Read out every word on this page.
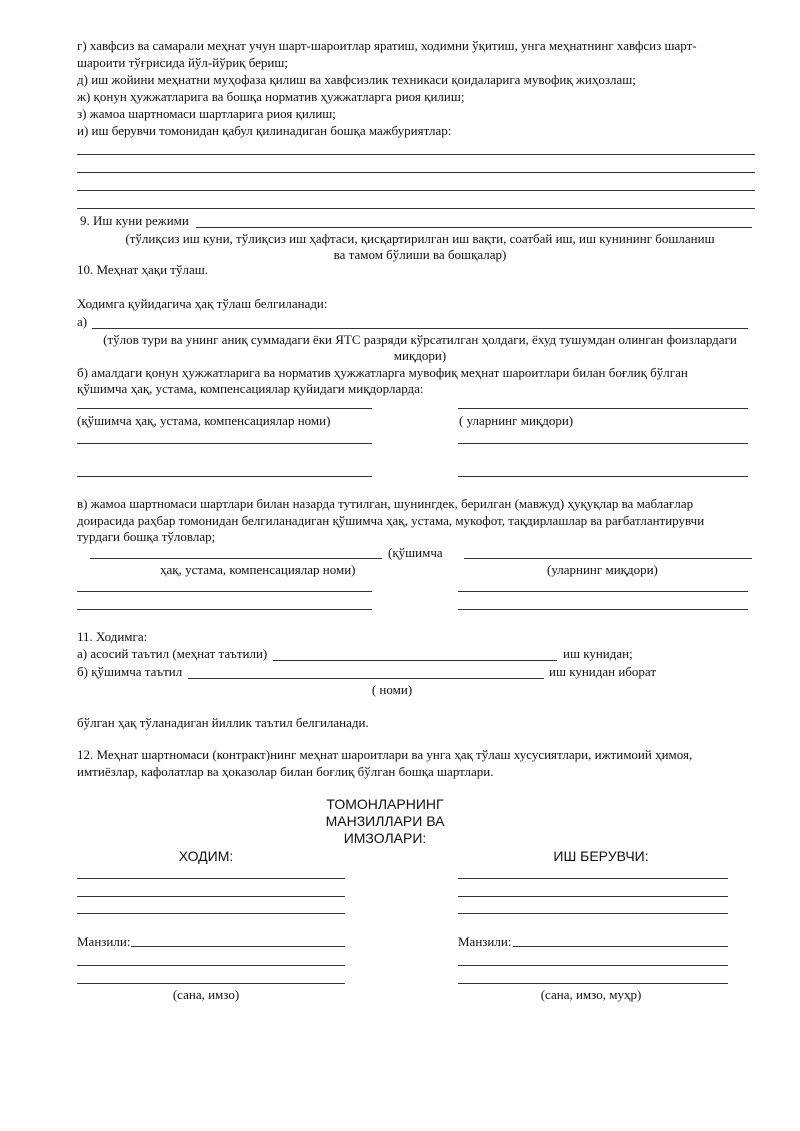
г) хавфсиз ва самарали меҳнат учун шарт-шароитлар яратиш, ходимни ўқитиш, унга меҳнатнинг хавфсиз шарт-
шароити тўғрисида йўл-йўриқ бериш;
д) иш жойини меҳнатни муҳофаза қилиш ва хавфсизлик техникаси қоидаларига мувофиқ жиҳозлаш;
ж) қонун ҳужжатларига ва бошқа норматив ҳужжатларга риоя қилиш;
з) жамоа шартномаси шартларига риоя қилиш;
и) иш берувчи томонидан қабул қилинадиган бошқа мажбуриятлар:
9. Иш куни режими
(тўлиқсиз иш куни, тўлиқсиз иш ҳафтаси, қисқартирилган иш вақти, соатбай иш, иш кунининг бошланиш
ва тамом бўлиши ва бошқалар)
10. Меҳнат ҳақи тўлаш.
Ходимга қуйидагича ҳақ тўлаш белгиланади:
а)
(тўлов тури ва унинг аниқ суммадаги ёки ЯТС разряди кўрсатилган ҳолдаги, ёхуд тушумдан олинган фоизлардаги
миқдори)
б) амалдаги қонун ҳужжатларига ва норматив ҳужжатларга мувофиқ меҳнат шароитлари билан боғлиқ бўлган
қўшимча ҳақ, устама, компенсациялар қуйидаги миқдорларда:
(қўшимча ҳақ, устама, компенсациялар номи)	( уларнинг миқдори)
в) жамоа шартномаси шартлари билан назарда тутилган, шунингдек, берилган (мавжуд) ҳуқуқлар ва маблағлар
доирасида раҳбар томонидан белгиланадиган қўшимча ҳақ, устама, мукофот, тақдирлашлар ва рағбатлантирувчи
турдаги бошқа тўловлар;
(қўшимча
ҳақ, устама, компенсациялар номи)	(уларнинг миқдори)
11. Ходимга:
а) асосий таътил (меҳнат таътили)	иш кунидан;
б) қўшимча таътил	иш кунидан иборат
( номи)
бўлган ҳақ тўланадиган йиллик таътил белгиланади.
12. Меҳнат шартномаси (контракт)нинг меҳнат шароитлари ва унга ҳақ тўлаш хусусиятлари, ижтимоий ҳимоя,
имтиёзлар, кафолатлар ва ҳоказолар билан боғлиқ бўлган бошқа шартлари.
ТОМОНЛАРНИНГ
МАНЗИЛЛАРИ ВА
ИМЗОЛАРИ:
ХОДИМ:	ИШ БЕРУВЧИ:
Манзили:	Манзили:
(сана, имзо)	(сана, имзо, муҳр)
